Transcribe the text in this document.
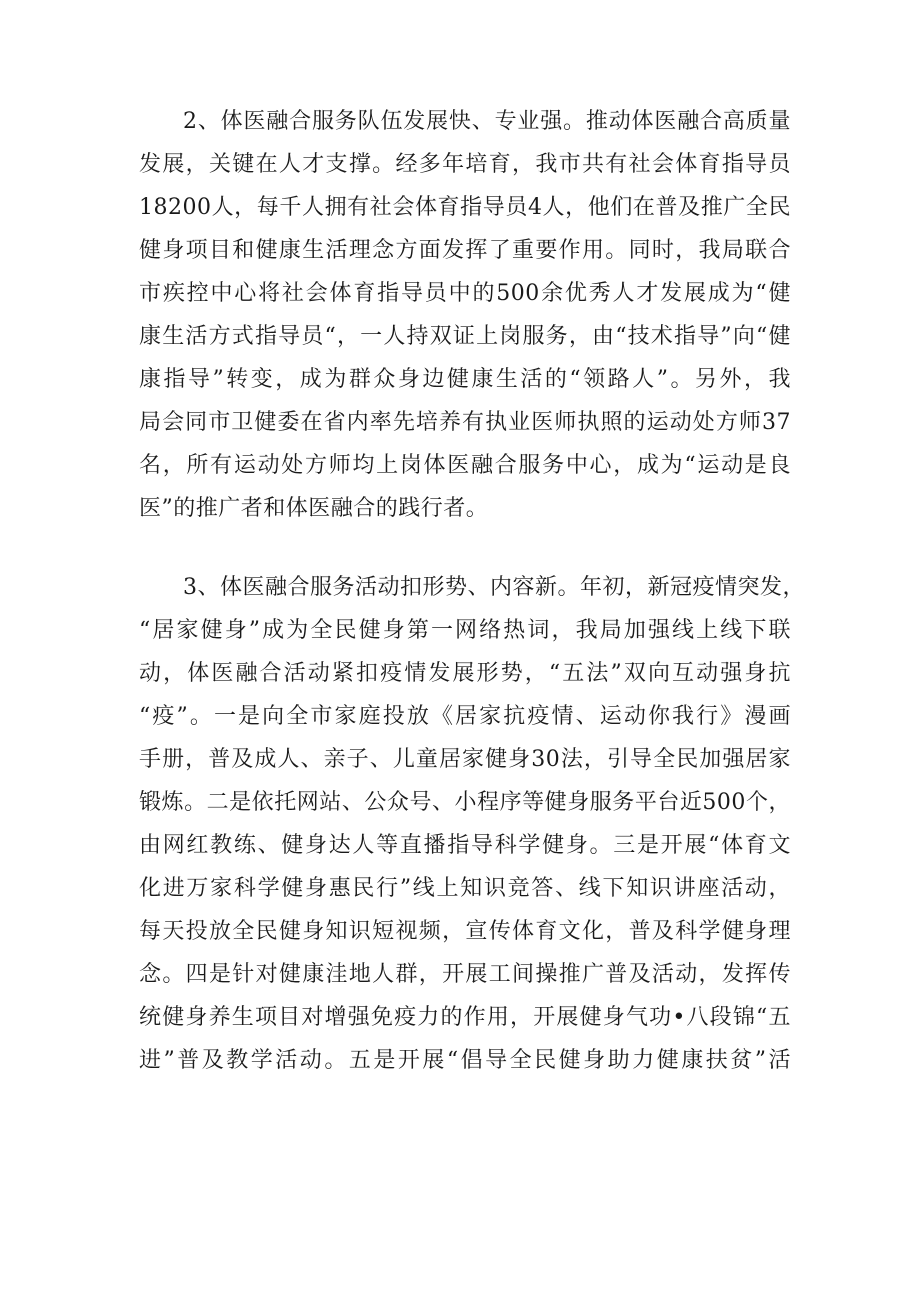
2、体医融合服务队伍发展快、专业强。推动体医融合高质量
发展，关键在人才支撑。经多年培育，我市共有社会体育指导员
18200人，每千人拥有社会体育指导员4人，他们在普及推广全民
健身项目和健康生活理念方面发挥了重要作用。同时，我局联合
市疾控中心将社会体育指导员中的500余优秀人才发展成为“健
康生活方式指导员“，一人持双证上岗服务，由“技术指导”向“健
康指导”转变，成为群众身边健康生活的“领路人”。另外，我
局会同市卫健委在省内率先培养有执业医师执照的运动处方师37
名，所有运动处方师均上岗体医融合服务中心，成为“运动是良
医”的推广者和体医融合的践行者。
3、体医融合服务活动扣形势、内容新。年初，新冠疫情突发，
“居家健身”成为全民健身第一网络热词，我局加强线上线下联
动，体医融合活动紧扣疫情发展形势，“五法”双向互动强身抗
“疫”。一是向全市家庭投放《居家抗疫情、运动你我行》漫画
手册，普及成人、亲子、儿童居家健身30法，引导全民加强居家
锻炼。二是依托网站、公众号、小程序等健身服务平台近500个，
由网红教练、健身达人等直播指导科学健身。三是开展“体育文
化进万家科学健身惠民行”线上知识竞答、线下知识讲座活动，
每天投放全民健身知识短视频，宣传体育文化，普及科学健身理
念。四是针对健康洼地人群，开展工间操推广普及活动，发挥传
统健身养生项目对增强免疫力的作用，开展健身气功•八段锦“五
进”普及教学活动。五是开展“倡导全民健身助力健康扶贫”活
